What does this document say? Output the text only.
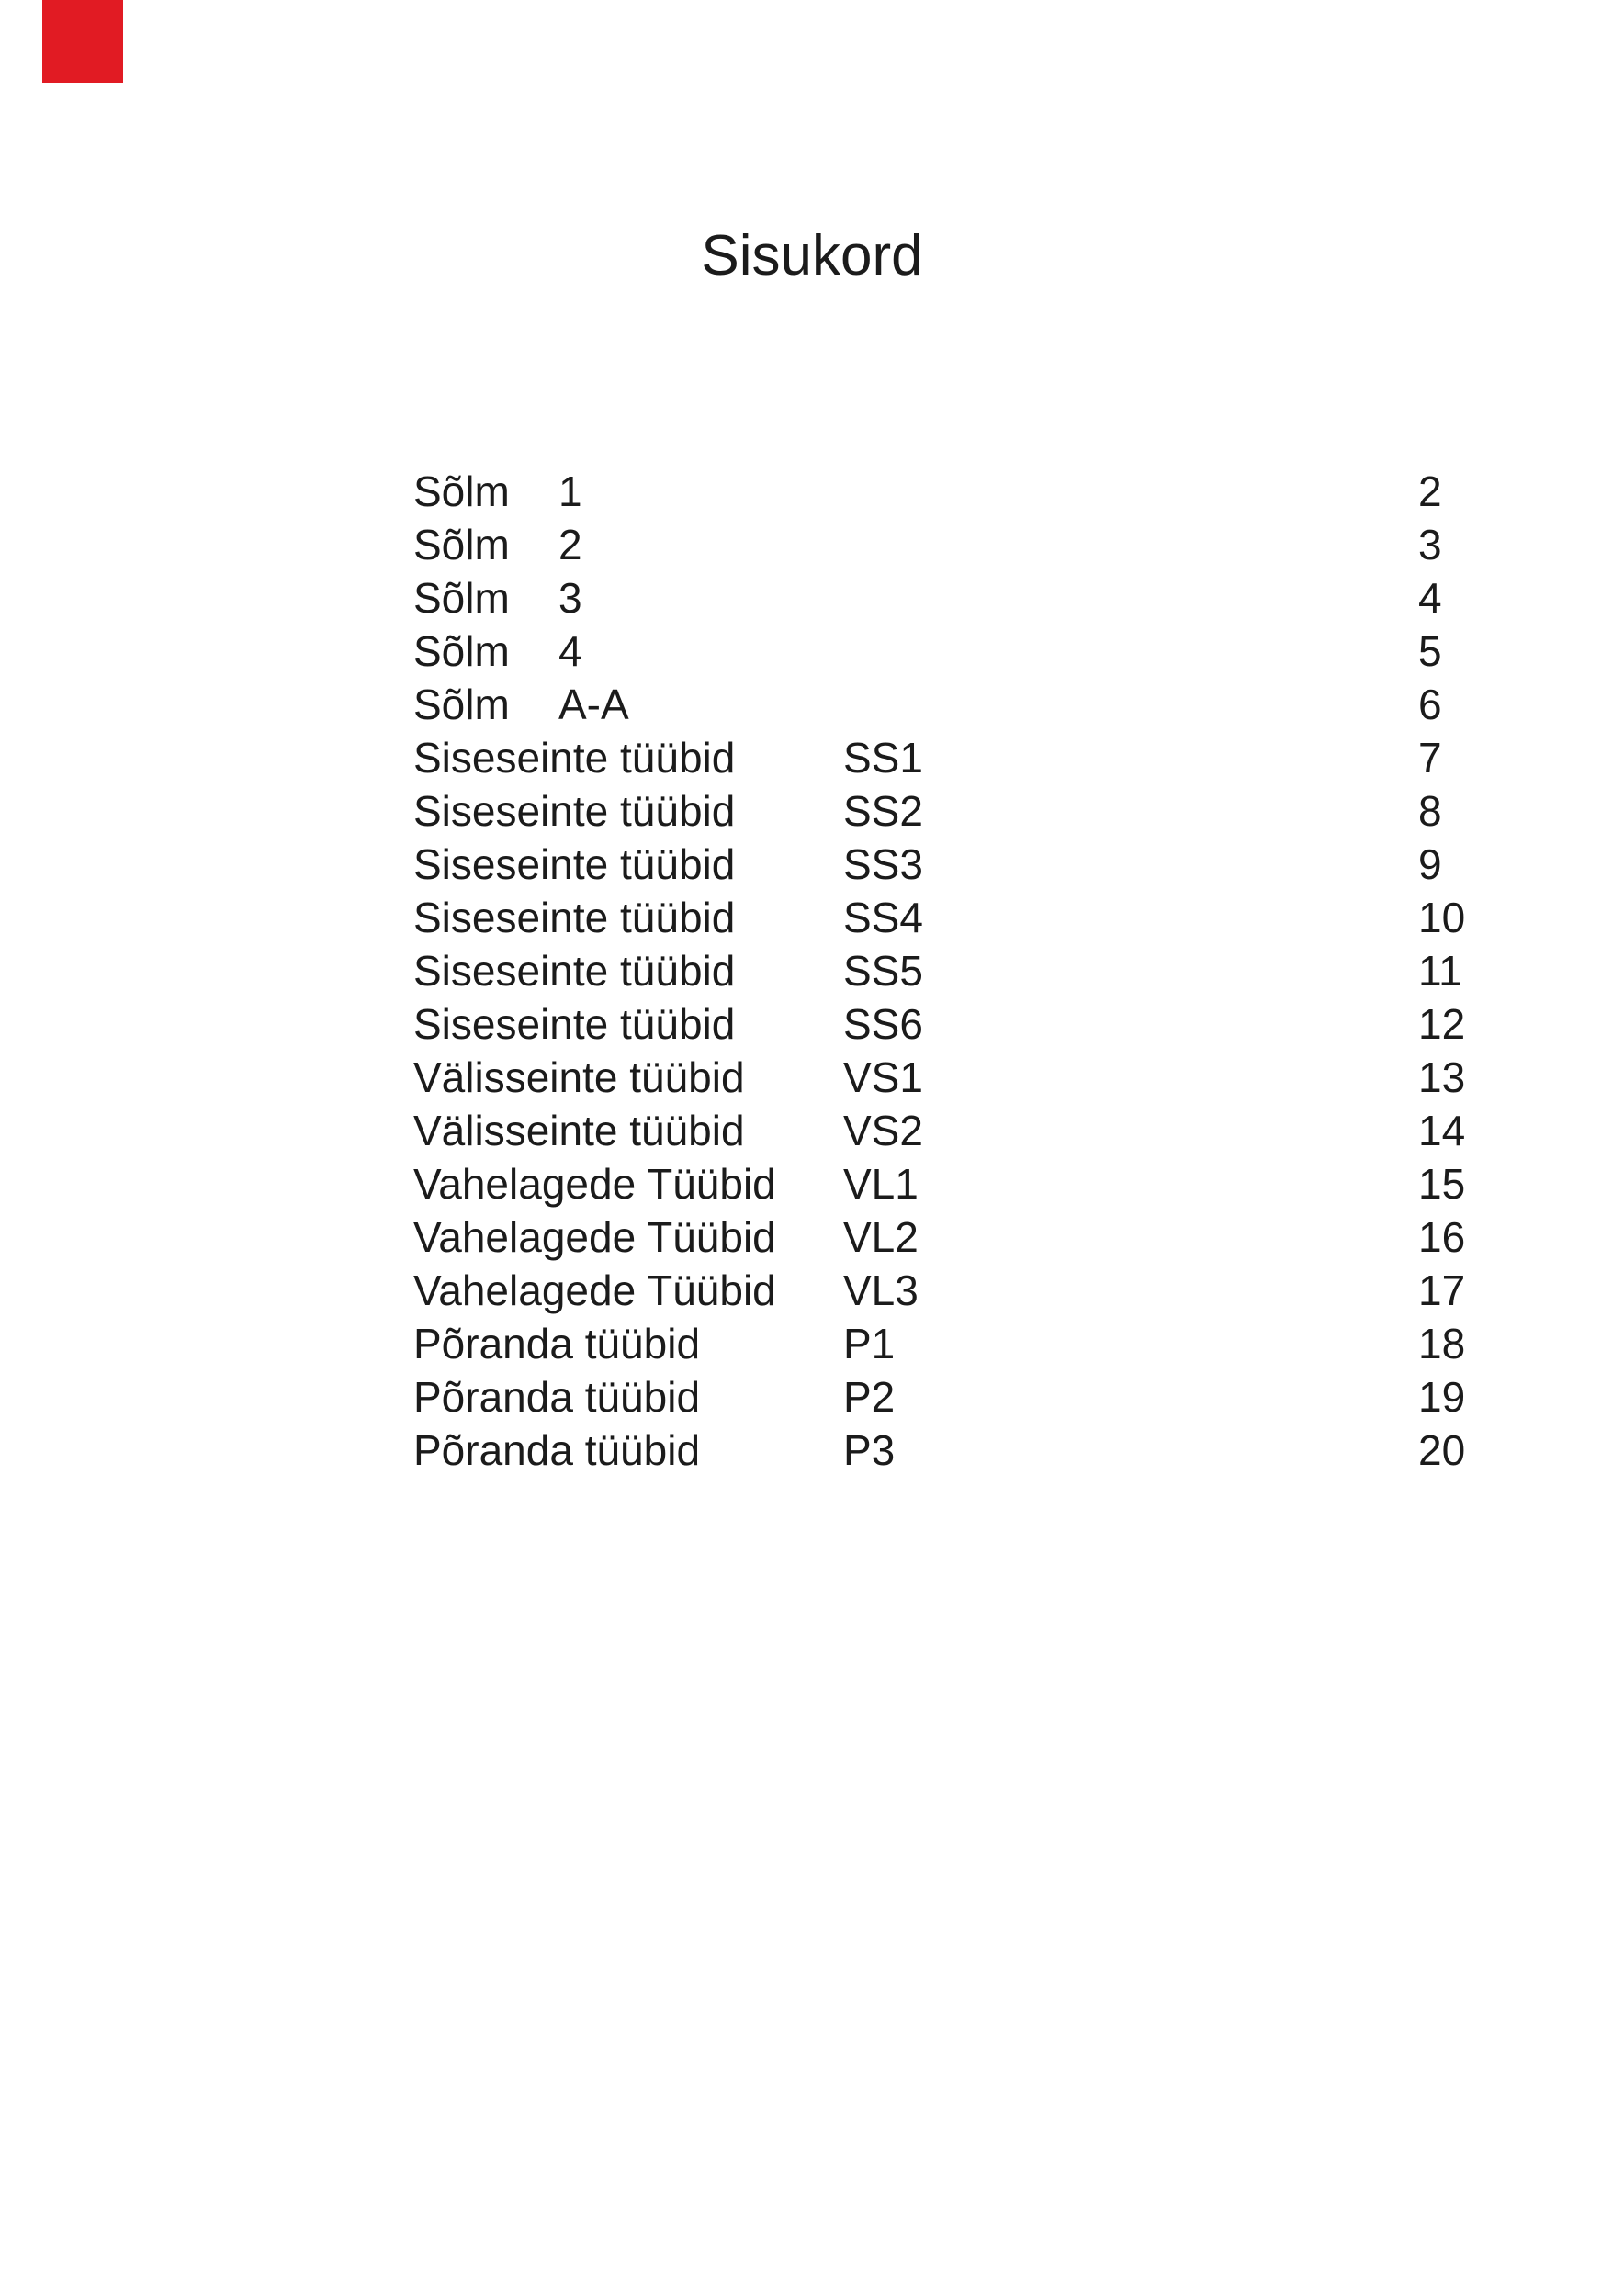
Sisukord
Sõlm 1	2
Sõlm 2	3
Sõlm 3	4
Sõlm 4	5
Sõlm A-A	6
Siseseinte tüübid	SS1	7
Siseseinte tüübid	SS2	8
Siseseinte tüübid	SS3	9
Siseseinte tüübid	SS4	10
Siseseinte tüübid	SS5	11
Siseseinte tüübid	SS6	12
Välisseinte tüübid VS1	13
Välisseinte tüübid VS2	14
Vahelagede Tüübid VL1	15
Vahelagede Tüübid VL2	16
Vahelagede Tüübid VL3	17
Põranda tüübid	P1	18
Põranda tüübid	P2	19
Põranda tüübid	P3	20
